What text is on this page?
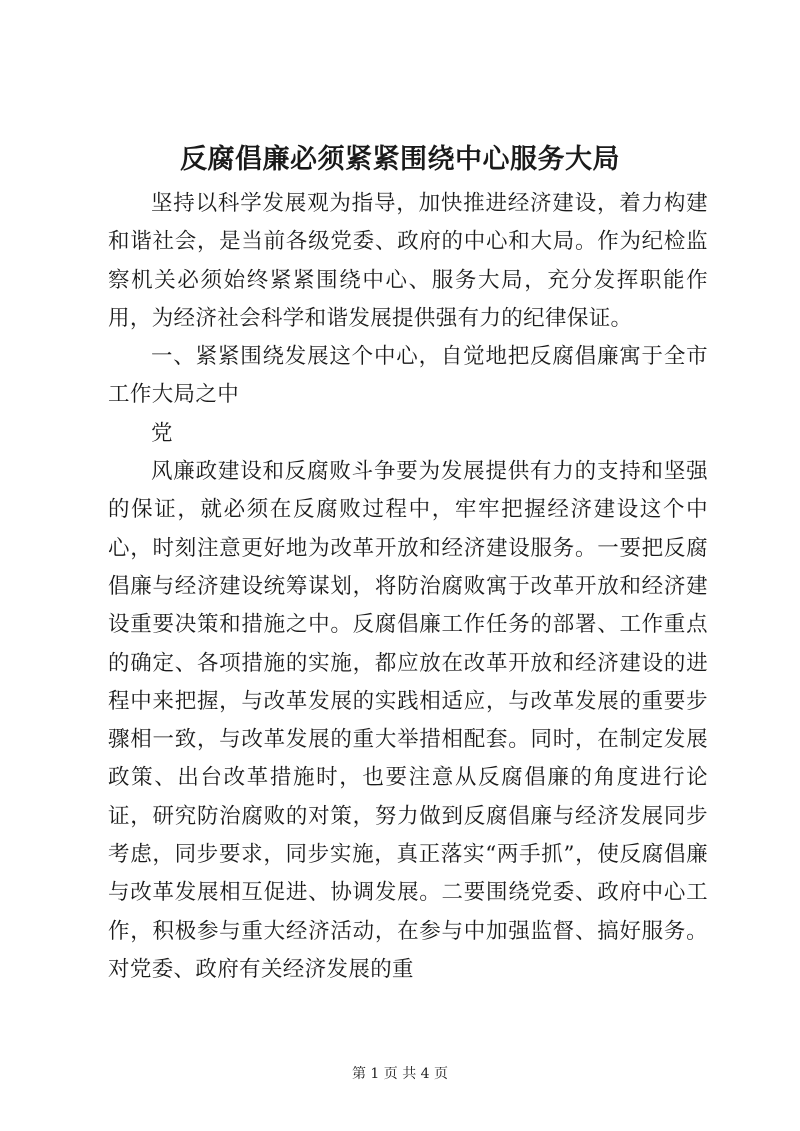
反腐倡廉必须紧紧围绕中心服务大局

坚持以科学发展观为指导，加快推进经济建设，着力构建和谐社会，是当前各级党委、政府的中心和大局。作为纪检监察机关必须始终紧紧围绕中心、服务大局，充分发挥职能作用，为经济社会科学和谐发展提供强有力的纪律保证。

一、紧紧围绕发展这个中心，自觉地把反腐倡廉寓于全市工作大局之中

党

风廉政建设和反腐败斗争要为发展提供有力的支持和坚强的保证，就必须在反腐败过程中，牢牢把握经济建设这个中心，时刻注意更好地为改革开放和经济建设服务。一要把反腐倡廉与经济建设统筹谋划，将防治腐败寓于改革开放和经济建设重要决策和措施之中。反腐倡廉工作任务的部署、工作重点的确定、各项措施的实施，都应放在改革开放和经济建设的进程中来把握，与改革发展的实践相适应，与改革发展的重要步骤相一致，与改革发展的重大举措相配套。同时，在制定发展政策、出台改革措施时，也要注意从反腐倡廉的角度进行论证，研究防治腐败的对策，努力做到反腐倡廉与经济发展同步考虑，同步要求，同步实施，真正落实“两手抓”，使反腐倡廉与改革发展相互促进、协调发展。二要围绕党委、政府中心工作，积极参与重大经济活动，在参与中加强监督、搞好服务。对党委、政府有关经济发展的重

第 1 页 共 4 页
